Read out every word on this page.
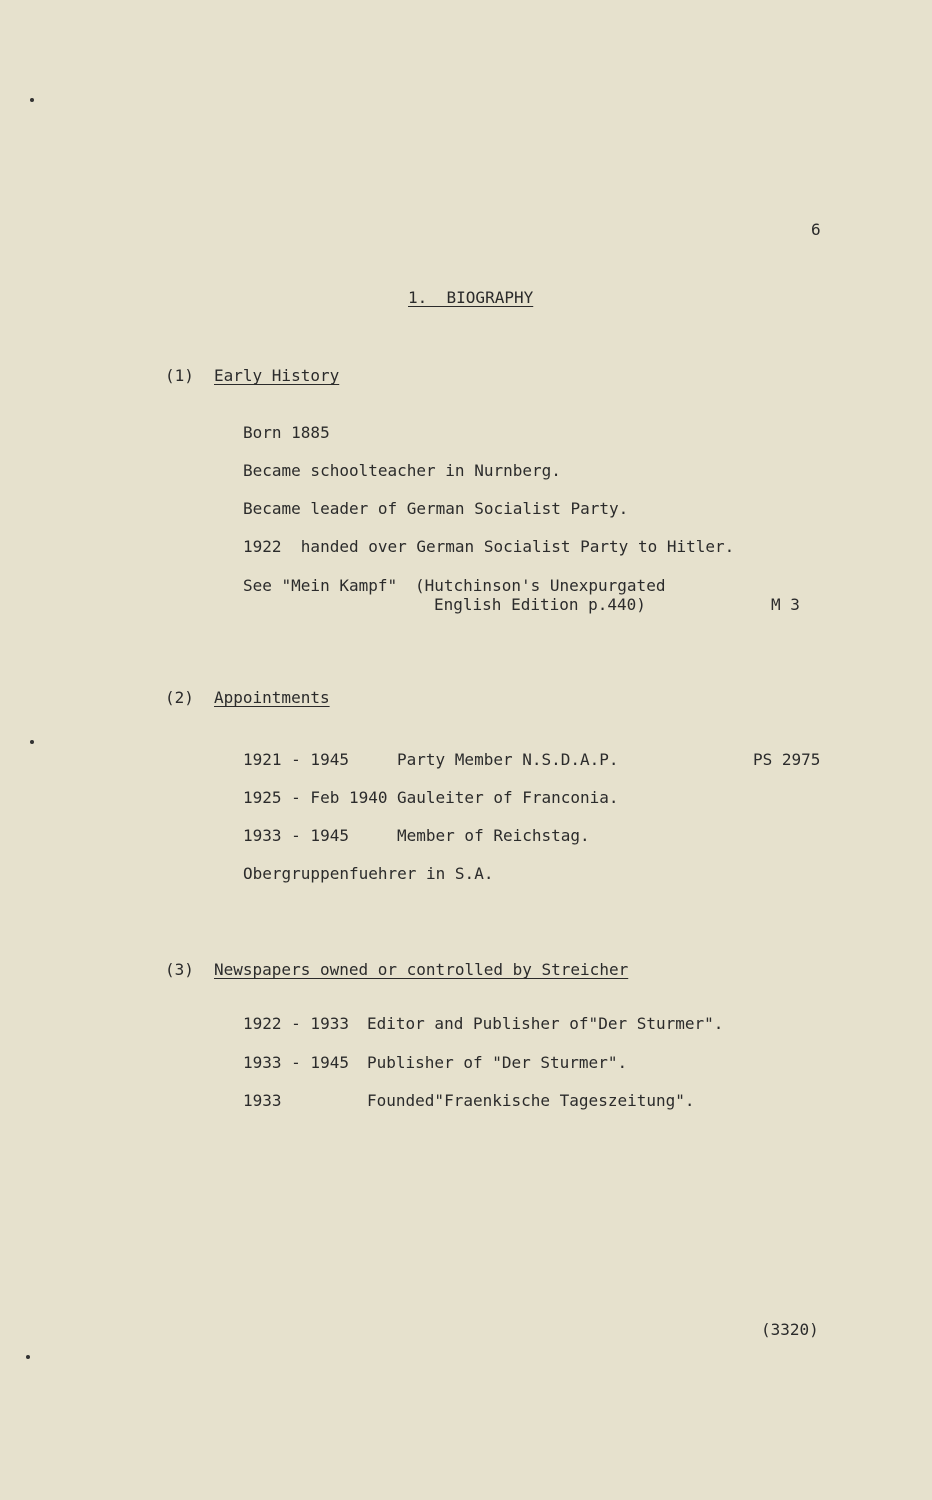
6
1.  BIOGRAPHY
(1) Early History
Born 1885
Became schoolteacher in Nurnberg.
Became leader of German Socialist Party.
1922  handed over German Socialist Party to Hitler.
See "Mein Kampf" (Hutchinson's Unexpurgated
English Edition p.440)	M 3
(2) Appointments
1921 - 1945	Party Member N.S.D.A.P.	PS 2975
1925 - Feb 1940 Gauleiter of Franconia.
1933 - 1945	Member of Reichstag.
Obergruppenfuehrer in S.A.
(3) Newspapers owned or controlled by Streicher
1922 - 1933 Editor and Publisher of"Der Sturmer".
1933 - 1945 Publisher of "Der Sturmer".
1933	Founded"Fraenkische Tageszeitung".
(3320)
